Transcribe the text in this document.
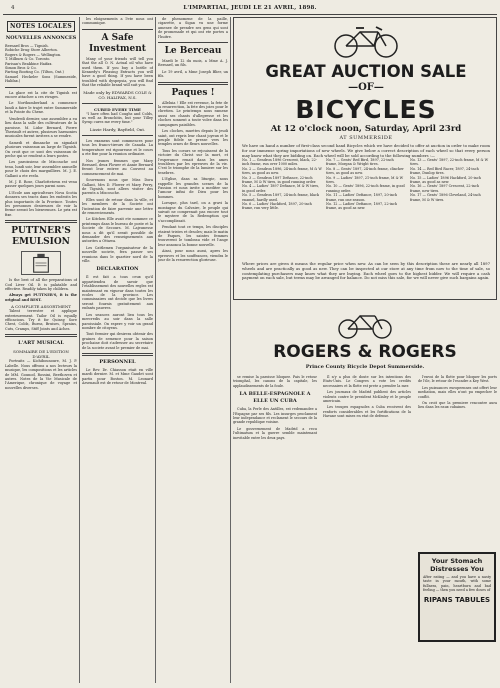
4	L'IMPARTIAL, JEUDI LE 21 AVRIL, 1898.
NOTES LOCALES
NOUVELLES ANNONCES
Bernard Bros — Tignish.
Robiche Drug Store Alberton.
Rogers & Rogers — Wellington.
T. Milburn & Co. Toronto.
Parisan's Beakhine Haifax.
Simon Bros & Co.
Farting Booting Co. (Tilton, Ont.)
Samuel Heckeler Sons (Summeside, Halifax.)

La glace est la cite de Tignish est encore attachee a ces rivages.

Le Northumberland a commence lundi a faire le trajet entre Summerside et la Pointe du Chene.

Vendredi dernier, une assemblee a eu lieu dans la salle des cultivateurs de la paroisse. M. Lidor Bernard, Pierre Theriault et autres, plusieurs harmonies musicales furent invitees a se rendre.

Samedi et dimanche on signalait plusieurs vaisseaux au large de Tignish. On croit que ce sont des vaisseaux de peche qui se rendent a leurs postes.

Les paroissiens de Miscouche ont tenu, lundi soir, leur assemblee annuelle pour le choix des marguilliers. M. J. E. Gallant a ete reelu.

M. J. E. Rose, Charlottetown est venu passer quelques jours parmi nous.

L'Ecole aux agriculteurs Nova Scotia donnera ses tracts dans les endroits les plus importants de la Province. Toutes les personnes desireuses de voir la ferme seront les bienvenues. Le prix est fixe.

PUTTNER'S EMULSION

Is the best of all the preparations of Cod Liver Oil. It is palatable and effective. Readily taken by children.

Always get PUTTNER'S, it is the original and BEST.

A COMPLETE ASSORTMENT

Talent terrestre et applique exterieurement. Tailor Oil is equally efficacious. Try it for Quinsy, Sore Chest, Colds, Burns, Bruises, Sprains, Cuts, Cramps, Stiff Joints and Aches.

L'ART MUSICAL
SOMMAIRE DE L'EDITION D'AVRIL

Portraits — Kichibounoure, M. J. P. Labelle. Nous offrons a nos lecteurs la musique, les compositions et les articles de MM. Gounod, Rossini, Beethoven et autres. Notes de la Vie Musicale de l'Amerique, chronique de voyage et nouvelles diverses.

les eloignements a l'ete nous ont communique.

A Safe Investment

Many of your friends will tell you that the all O. N. Actual oil who have used them. If you buy a bottle of Kennedy's Pleasing Extracts you will have a good thing. If you have been troubled with dyspepsia, you will find that the reliable brand will suit you.

Made only by EDWARDS COLE & CO. HALIFAX, N.S.
CURED EVERY TIME

"I have often had Coughs and Colds, as well as Bronchitis, but your Tilley Syrup cures me every time."

Lizzie Hardy, Bayfield, Ont.

Les examens sont commences pour tous les francs-tireurs de Canada. La temperature est rigoureuse et le cours a ete fixe pour la reunion ordinaire.

Nos jeunes femmes que Mary Bernard, deux Flower et Annie Bernard feront leur entree au Couvent au commencement de mai.

Souvenons nous que Miss Dora Gallant, Mrs D. Flower et Mary Perry, de Tignish, sont allees visiter des parents a Miscouche.

Elles sont de retour dans la ville, et les membres de la Societe ont l'intention de faire parvenir une lettre de remerciements.

Le Kitchen Elle avait ete nommee ce printemps dans le bureau de poste et la Societe de Secours. M. Lajeunesse nous a dit qu'il serait possible de demander des renseignements aux autorites a Ottawa.

Les Cattlemen l'organisateur de la nouvelle societe, fera passer ses reunions dans le quartier nord de la ville.

DECLARATION

Il est fait a tous ceux qu'il appartiendra de savoir que l'etablissement des nouvelles regles est maintenant en vigueur dans toutes les ecoles de la province. Les commissaires ont decide que les livres seront fournis gratuitement aux enfants pauvres.

Les seances auront lieu tous les mercredis au soir dans la salle paroissiale. On espere y voir un grand nombre de citoyens.

Tout fermier qui desirera obtenir des graines de semence pour la saison prochaine doit s'adresser au secretaire de la societe avant le premier de mai.

PERSONNEL

Le Rev. Dr. Chiasson etait en ville mardi dernier. M. et Mme Gaudet sont partis pour Boston. M. Leonard Arsenault est de retour de Montreal.

de phenomene de la paille, cigarette, a Sigan vu une forme amenee de prendre ses gens qui sont de promenade et qui ont ete portes a l'huitre.

Le Berceau

Mardi le 12 du mois, a Mme A. J. Bernard, un fils.

Le 19 avril, a Mme Joseph Blier, un fils.

Paques !

Alleluia ! Elle est revenue, la fete de la resurrection, la fete des joies pour le chretien. Le printemps nous ramene aussi ses chants d'allegresse et les cloches sonnent a toute volee dans les campagnes paisibles.

Les cloches, muettes depuis le jeudi saint, ont repris leur chant joyeux et le peuple fidele se presse vers les temples ornes de fleurs nouvelles.

Tous les coeurs se rejouissent de la victoire du Christ sur la mort, et l'esperance renait dans les ames troublees par les epreuves de la vie. C'est le triomphe de la lumiere sur les tenebres.

L'Eglise, dans sa liturgie, nous rappelle les grandes scenes de la Passion et nous invite a mediter sur l'amour infini de Dieu pour les hommes.

Lorsque, plus tard, on a gravi la montagne du Calvaire, le peuple qui suivait ne comprenait pas encore tout le mystere de la Redemption qui s'accomplissait.

Pendant tout ce temps, les disciples etaient tristes et desoles; mais le matin de Paques, les saintes femmes trouverent le tombeau vide et l'ange leur annonca la bonne nouvelle.

Ainsi, pour nous aussi, apres les epreuves et les souffrances, viendra le jour de la resurrection glorieuse.

GREAT AUCTION SALE
—OF—
BICYCLES
At 12 o'clock noon, Saturday, April 23rd
AT SUMMERSIDE

We have on hand a number of first-class second hand Bicycles which we have decided to offer at auction in order to make room for our immense spring importations of new wheels. We give below a correct description of each wheel so that every person may know what they are bidding on. Each wheel will be sold according to the following numbers :—

No. 1 — Gendron 1896 Crescent, black, 22-inch frame, run over 1000 miles.
No. 2 — Gendron 1896, 24-inch frame, M & W tires, as good as new.
No. 3 — Gendron 1897 Defiance, 22-inch frame, M & W tires, in good running order.
No. 4 — Ladies' 1897 Defiance, M & W tires, in good order.
No. 5 — Gendron 1897, 24-inch frame, black enamel, hardly used.
No. 6 — Ladies' Hackford, 1897, 20-inch frame, run very little.
No. 7 — Gents' Red Bird, 1897, 22-inch frame, Morgan & Wright tires.
No. 8 — Gents' 1897, 24-inch frame, clincher tires, as good as new.
No. 9 — Ladies' 1897, 21-inch frame, M & W tires.
No. 10 — Gents' 1896, 22-inch frame, in good running order.
No. 11 — Ladies' Defiance, 1897, 20-inch frame, run one season.
No. 12 — Ladies' Defiance, 1897, 22-inch frame, as good as new.
No. 13 — Gents' 1897, 22-inch frame, M & W tires.
No. 14 — Red Bird Racer, 1897, 24-inch frame, Dunlop tires.
No. 15 — Ladies' 1896 Hackford, 20-inch frame, as good as new.
No. 16 — Gents' 1897 Crescent, 22-inch frame, new tires.
No. 17 — Gents' 1896 Cleveland, 24-inch frame, M & W tires.

Where prices are given it means the regular price when new. As can be seen by this description these are nearly all 1897 wheels and are practically as good as new. They can be inspected at our store at any time from now to the time of sale, so contemplating purchasers may know what they are buying. Each wheel goes to the highest bidder. We will require a cash payment on each sale, but terms may be arranged for balance. Do not miss this sale, for we will never give such bargains again.

ROGERS & ROGERS
Prince County Bicycle Depot Summerside.

se remise la paroisse bloquee. Pais le retour triomphal, les canons de la capitale, les applaudissements de la foule.

LA BELLE-ESPAGNOLE A ELLE UN CUBA

Cuba, la Perle des Antilles, est redemandee a l'Espagne par ses fils. Les insurges proclament leur independance et reclament le secours de la grande republique voisine.

Le gouvernement de Madrid a recu l'ultimatum et la guerre semble maintenant inevitable entre les deux pays.

Il n'y a plus de doute sur les intentions des Etats-Unis. Le Congres a vote les credits necessaires et la flotte est prete a prendre la mer.

Les journaux de Madrid publient des articles violents contre le president McKinley et le peuple americain.

Les troupes espagnoles a Cuba recoivent des renforts considerables et les fortifications de la Havane sont mises en etat de defense.

l'envoi de la flotte pour bloquer les ports de l'ile, le retour de l'escadre a Key West.

Les puissances europeennes ont offert leur mediation, mais elles n'ont pu empecher le conflit.

On croit que la premiere rencontre aura lieu dans les eaux cubaines.

Your Stomach Distresses You
After eating — and you have a nasty taste in your mouth, with some fullness, pain, heartburn and bad feeling — then you need a few doses of
RIPANS TABULES
